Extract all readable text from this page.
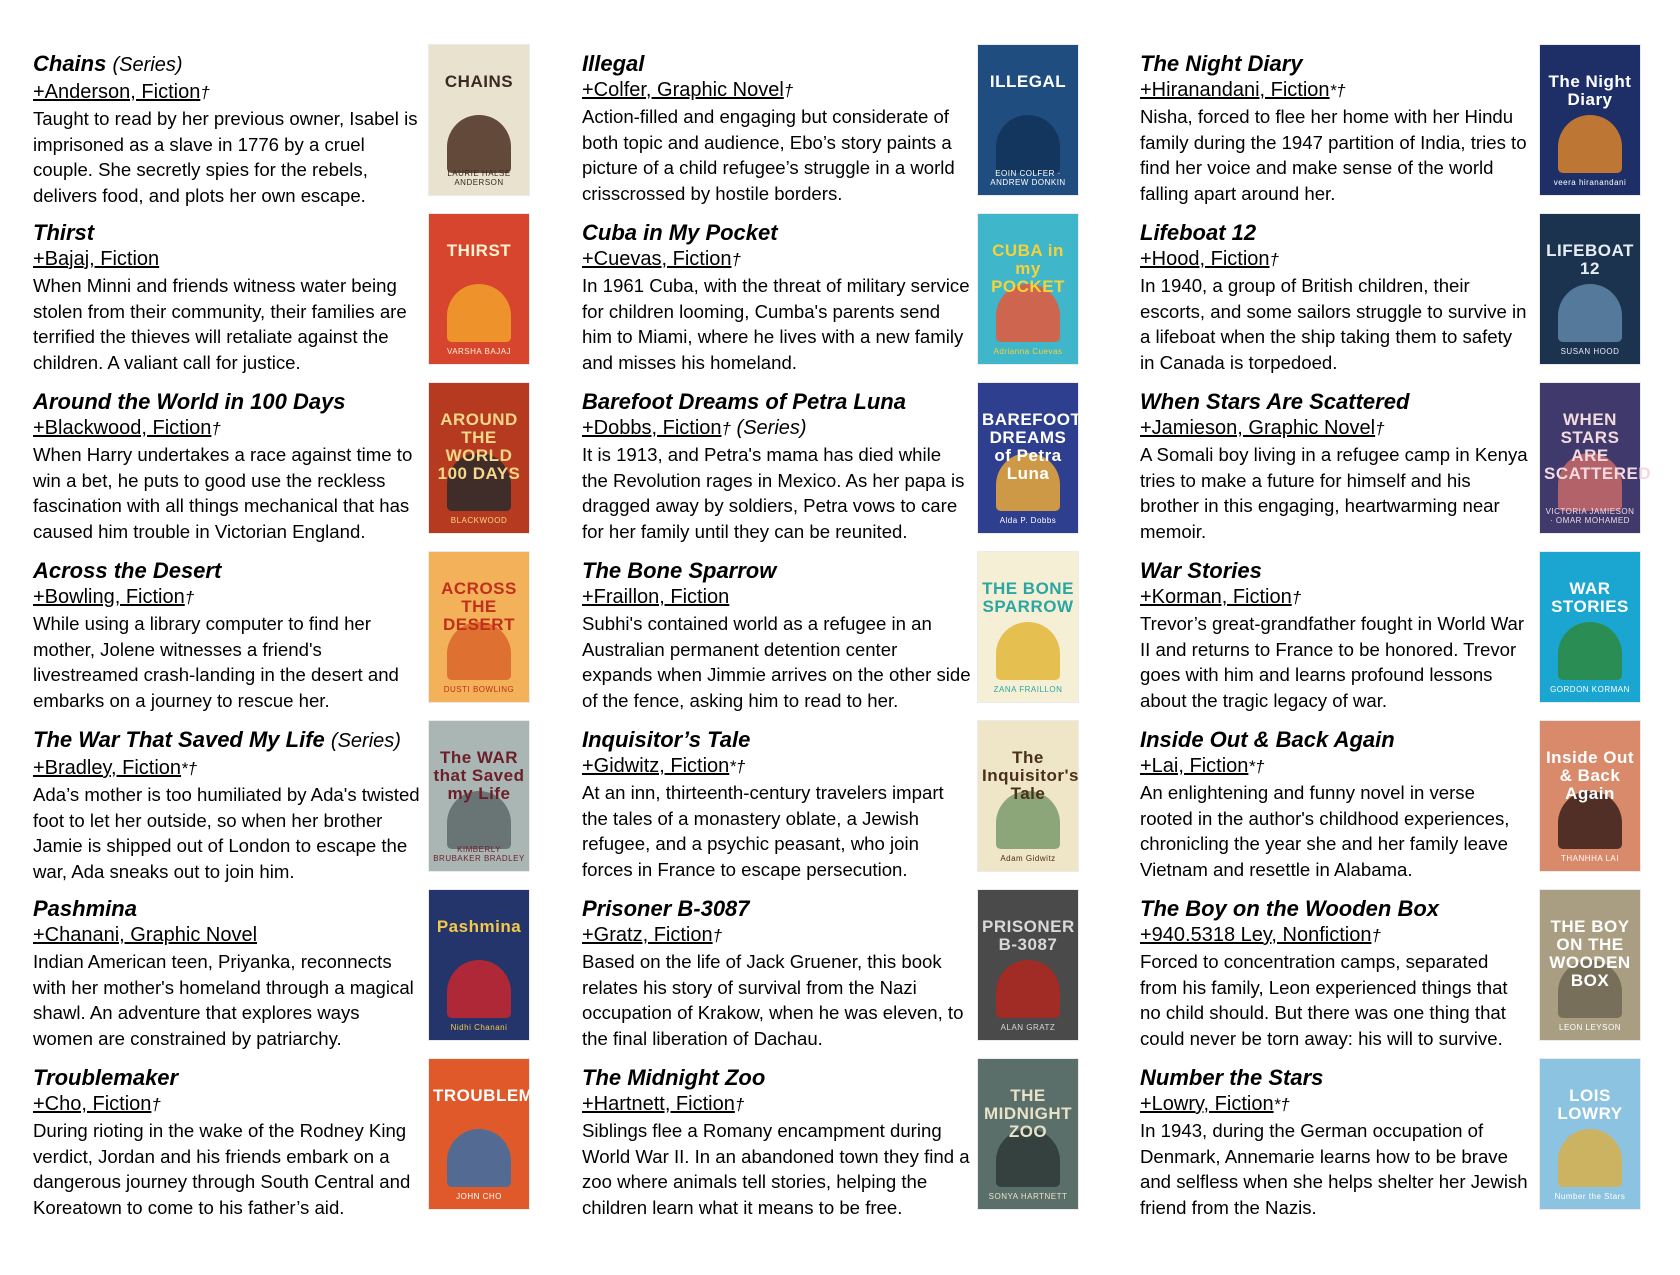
Chains (Series)
+Anderson, Fiction†
Taught to read by her previous owner, Isabel is imprisoned as a slave in 1776 by a cruel couple. She secretly spies for the rebels, delivers food, and plots her own escape.
CHAINS
LAURIE HALSE ANDERSON
Thirst
+Bajaj, Fiction
When Minni and friends witness water being stolen from their community, their families are terrified the thieves will retaliate against the children. A valiant call for justice.
THIRST
VARSHA BAJAJ
Around the World in 100 Days
+Blackwood, Fiction†
When Harry undertakes a race against time to win a bet, he puts to good use the reckless fascination with all things mechanical that has caused him trouble in Victorian England.
AROUND THE WORLD 100 DAYS
BLACKWOOD
Across the Desert
+Bowling, Fiction†
While using a library computer to find her mother, Jolene witnesses a friend's livestreamed crash-landing in the desert and embarks on a journey to rescue her.
ACROSS THE DESERT
DUSTI BOWLING
The War That Saved My Life (Series)
+Bradley, Fiction*†
Ada’s mother is too humiliated by Ada's twisted foot to let her outside, so when her brother Jamie is shipped out of London to escape the war, Ada sneaks out to join him.
The WAR that Saved my Life
KIMBERLY BRUBAKER BRADLEY
Pashmina
+Chanani, Graphic Novel
Indian American teen, Priyanka, reconnects with her mother's homeland through a magical shawl. An adventure that explores ways women are constrained by patriarchy.
Pashmina
Nidhi Chanani
Troublemaker
+Cho, Fiction†
During rioting in the wake of the Rodney King verdict, Jordan and his friends embark on a dangerous journey through South Central and Koreatown to come to his father’s aid.
TROUBLEMAKER
JOHN CHO
Illegal
+Colfer, Graphic Novel†
Action-filled and engaging but considerate of both topic and audience, Ebo’s story paints a picture of a child refugee’s struggle in a world crisscrossed by hostile borders.
ILLEGAL
EOIN COLFER · ANDREW DONKIN
Cuba in My Pocket
+Cuevas, Fiction†
In 1961 Cuba, with the threat of military service for children looming, Cumba's parents send him to Miami, where he lives with a new family and misses his homeland.
CUBA in my POCKET
Adrianna Cuevas
Barefoot Dreams of Petra Luna
+Dobbs, Fiction† (Series)
It is 1913, and Petra's mama has died while the Revolution rages in Mexico. As her papa is dragged away by soldiers, Petra vows to care for her family until they can be reunited.
BAREFOOT DREAMS of Petra Luna
Alda P. Dobbs
The Bone Sparrow
+Fraillon, Fiction
Subhi's contained world as a refugee in an Australian permanent detention center expands when Jimmie arrives on the other side of the fence, asking him to read to her.
THE BONE SPARROW
ZANA FRAILLON
Inquisitor’s Tale
+Gidwitz, Fiction*†
At an inn, thirteenth-century travelers impart the tales of a monastery oblate, a Jewish refugee, and a psychic peasant, who join forces in France to escape persecution.
The Inquisitor's Tale
Adam Gidwitz
Prisoner B-3087
+Gratz, Fiction†
Based on the life of Jack Gruener, this book relates his story of survival from the Nazi occupation of Krakow, when he was eleven, to the final liberation of Dachau.
PRISONER B-3087
ALAN GRATZ
The Midnight Zoo
+Hartnett, Fiction†
Siblings flee a Romany encampment during World War II. In an abandoned town they find a zoo where animals tell stories, helping the children learn what it means to be free.
THE MIDNIGHT ZOO
SONYA HARTNETT
The Night Diary
+Hiranandani, Fiction*†
Nisha, forced to flee her home with her Hindu family during the 1947 partition of India, tries to find her voice and make sense of the world falling apart around her.
The Night Diary
veera hiranandani
Lifeboat 12
+Hood, Fiction†
In 1940, a group of British children, their escorts, and some sailors struggle to survive in a lifeboat when the ship taking them to safety in Canada is torpedoed.
LIFEBOAT 12
SUSAN HOOD
When Stars Are Scattered
+Jamieson, Graphic Novel†
A Somali boy living in a refugee camp in Kenya tries to make a future for himself and his brother in this engaging, heartwarming near memoir.
WHEN STARS ARE SCATTERED
VICTORIA JAMIESON · OMAR MOHAMED
War Stories
+Korman, Fiction†
Trevor’s great-grandfather fought in World War II and returns to France to be honored. Trevor goes with him and learns profound lessons about the tragic legacy of war.
WAR STORIES
GORDON KORMAN
Inside Out & Back Again
+Lai, Fiction*†
An enlightening and funny novel in verse rooted in the author's childhood experiences, chronicling the year she and her family leave Vietnam and resettle in Alabama.
Inside Out & Back Again
THANHHA LAI
The Boy on the Wooden Box
+940.5318 Ley, Nonfiction†
Forced to concentration camps, separated from his family, Leon experienced things that no child should. But there was one thing that could never be torn away: his will to survive.
THE BOY ON THE WOODEN BOX
LEON LEYSON
Number the Stars
+Lowry, Fiction*†
In 1943, during the German occupation of Denmark, Annemarie learns how to be brave and selfless when she helps shelter her Jewish friend from the Nazis.
LOIS LOWRY
Number the Stars
